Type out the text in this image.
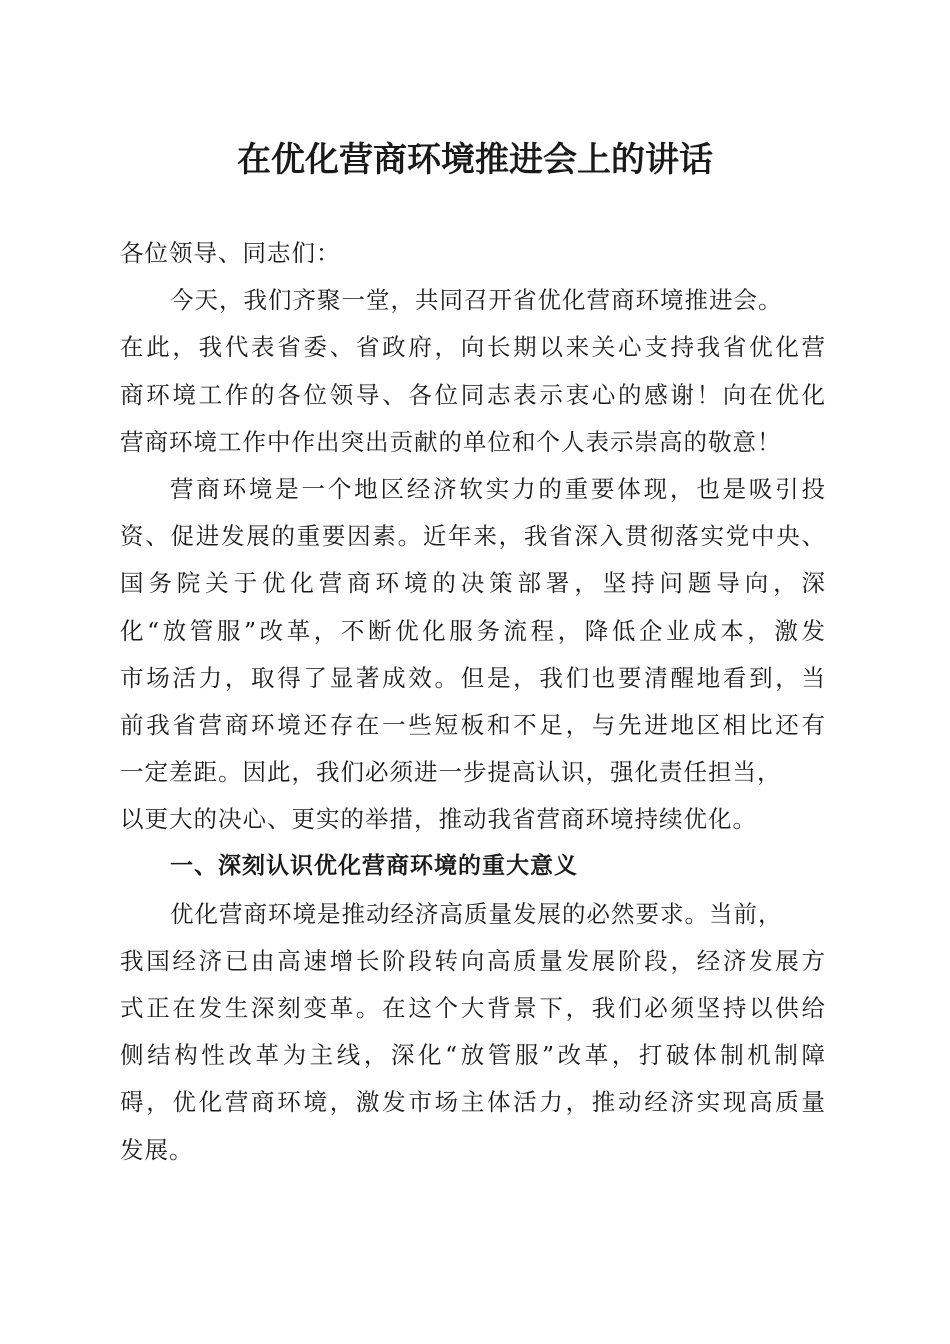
在优化营商环境推进会上的讲话
各位领导、同志们：
今天，我们齐聚一堂，共同召开省优化营商环境推进会。
在此，我代表省委、省政府，向长期以来关心支持我省优化营
商环境工作的各位领导、各位同志表示衷心的感谢！向在优化
营商环境工作中作出突出贡献的单位和个人表示崇高的敬意！
营商环境是一个地区经济软实力的重要体现，也是吸引投
资、促进发展的重要因素。近年来，我省深入贯彻落实党中央、
国务院关于优化营商环境的决策部署，坚持问题导向，深
化“放管服”改革，不断优化服务流程，降低企业成本，激发
市场活力，取得了显著成效。但是，我们也要清醒地看到，当
前我省营商环境还存在一些短板和不足，与先进地区相比还有
一定差距。因此，我们必须进一步提高认识，强化责任担当，
以更大的决心、更实的举措，推动我省营商环境持续优化。
一、深刻认识优化营商环境的重大意义
优化营商环境是推动经济高质量发展的必然要求。当前，
我国经济已由高速增长阶段转向高质量发展阶段，经济发展方
式正在发生深刻变革。在这个大背景下，我们必须坚持以供给
侧结构性改革为主线，深化“放管服”改革，打破体制机制障
碍，优化营商环境，激发市场主体活力，推动经济实现高质量
发展。
